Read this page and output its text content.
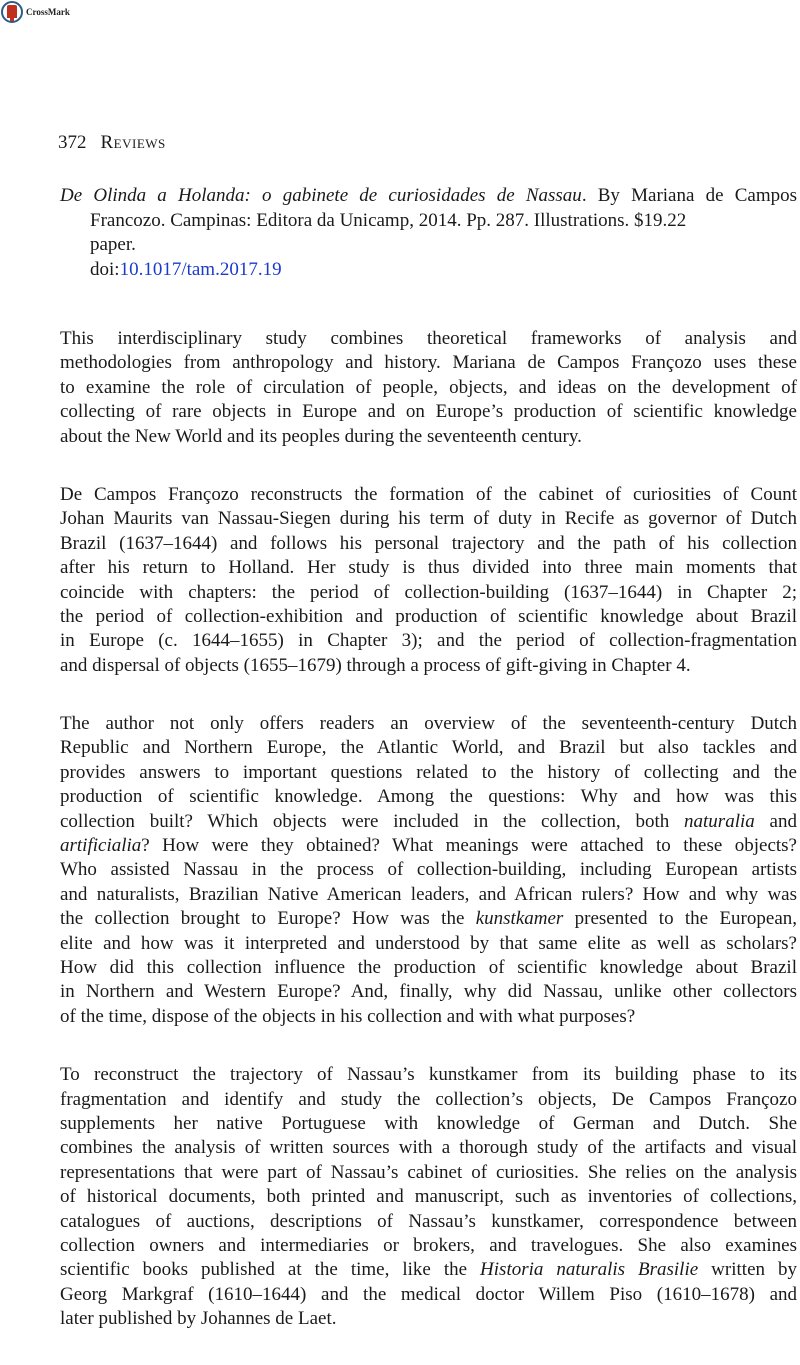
CrossMark
372 Reviews
De Olinda a Holanda: o gabinete de curiosidades de Nassau. By Mariana de Campos
Francozo. Campinas: Editora da Unicamp, 2014. Pp. 287. Illustrations. $19.22
paper.
doi:10.1017/tam.2017.19
This interdisciplinary study combines theoretical frameworks of analysis and
methodologies from anthropology and history. Mariana de Campos Françozo uses these
to examine the role of circulation of people, objects, and ideas on the development of
collecting of rare objects in Europe and on Europe’s production of scientific knowledge
about the New World and its peoples during the seventeenth century.
De Campos Françozo reconstructs the formation of the cabinet of curiosities of Count
Johan Maurits van Nassau-Siegen during his term of duty in Recife as governor of Dutch
Brazil (1637–1644) and follows his personal trajectory and the path of his collection
after his return to Holland. Her study is thus divided into three main moments that
coincide with chapters: the period of collection-building (1637–1644) in Chapter 2;
the period of collection-exhibition and production of scientific knowledge about Brazil
in Europe (c. 1644–1655) in Chapter 3); and the period of collection-fragmentation
and dispersal of objects (1655–1679) through a process of gift-giving in Chapter 4.
The author not only offers readers an overview of the seventeenth-century Dutch
Republic and Northern Europe, the Atlantic World, and Brazil but also tackles and
provides answers to important questions related to the history of collecting and the
production of scientific knowledge. Among the questions: Why and how was this
collection built? Which objects were included in the collection, both naturalia and
artificialia? How were they obtained? What meanings were attached to these objects?
Who assisted Nassau in the process of collection-building, including European artists
and naturalists, Brazilian Native American leaders, and African rulers? How and why was
the collection brought to Europe? How was the kunstkamer presented to the European,
elite and how was it interpreted and understood by that same elite as well as scholars?
How did this collection influence the production of scientific knowledge about Brazil
in Northern and Western Europe? And, finally, why did Nassau, unlike other collectors
of the time, dispose of the objects in his collection and with what purposes?
To reconstruct the trajectory of Nassau’s kunstkamer from its building phase to its
fragmentation and identify and study the collection’s objects, De Campos Françozo
supplements her native Portuguese with knowledge of German and Dutch. She
combines the analysis of written sources with a thorough study of the artifacts and visual
representations that were part of Nassau’s cabinet of curiosities. She relies on the analysis
of historical documents, both printed and manuscript, such as inventories of collections,
catalogues of auctions, descriptions of Nassau’s kunstkamer, correspondence between
collection owners and intermediaries or brokers, and travelogues. She also examines
scientific books published at the time, like the Historia naturalis Brasilie written by
Georg Markgraf (1610–1644) and the medical doctor Willem Piso (1610–1678) and
later published by Johannes de Laet.
